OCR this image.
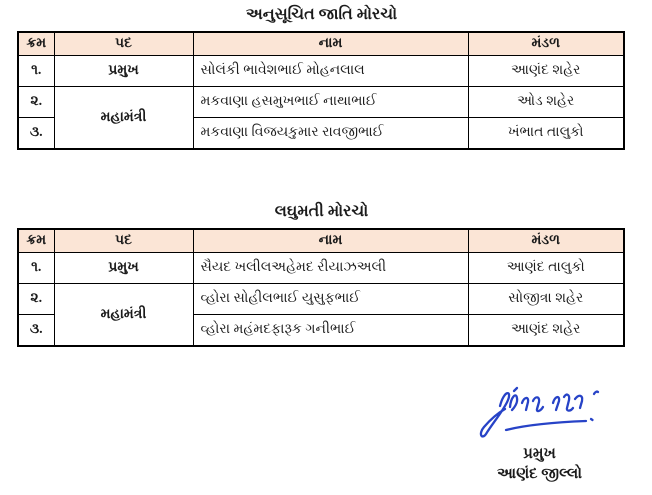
અનુસૂચિત જાતિ મોરચો
ક્રમ	પદ	નામ	મંડળ
૧.	પ્રમુખ	સોલંકી ભાવેશભાઈ મોહનલાલ	આણંદ શહેર
૨.	મહામંત્રી	મકવાણા હસમુખભાઈ નાથાભાઈ	ઓડ શહેર
૩.		મકવાણા વિજયકુમાર રાવજીભાઈ	ખંભાત તાલુકો
લઘુમતી મોરચો
ક્રમ	પદ	નામ	મંડળ
૧.	પ્રમુખ	સૈયદ ખલીલઅહેમદ રીયાઝઅલી	આણંદ તાલુકો
૨.	મહામંત્રી	વ્હોરા સોહીલભાઈ યુસુફભાઈ	સોજીત્રા શહેર
૩.		વ્હોરા મહંમદફારૂક ગનીભાઈ	આણંદ શહેર
પ્રમુખ
આણંદ જીલ્લો
